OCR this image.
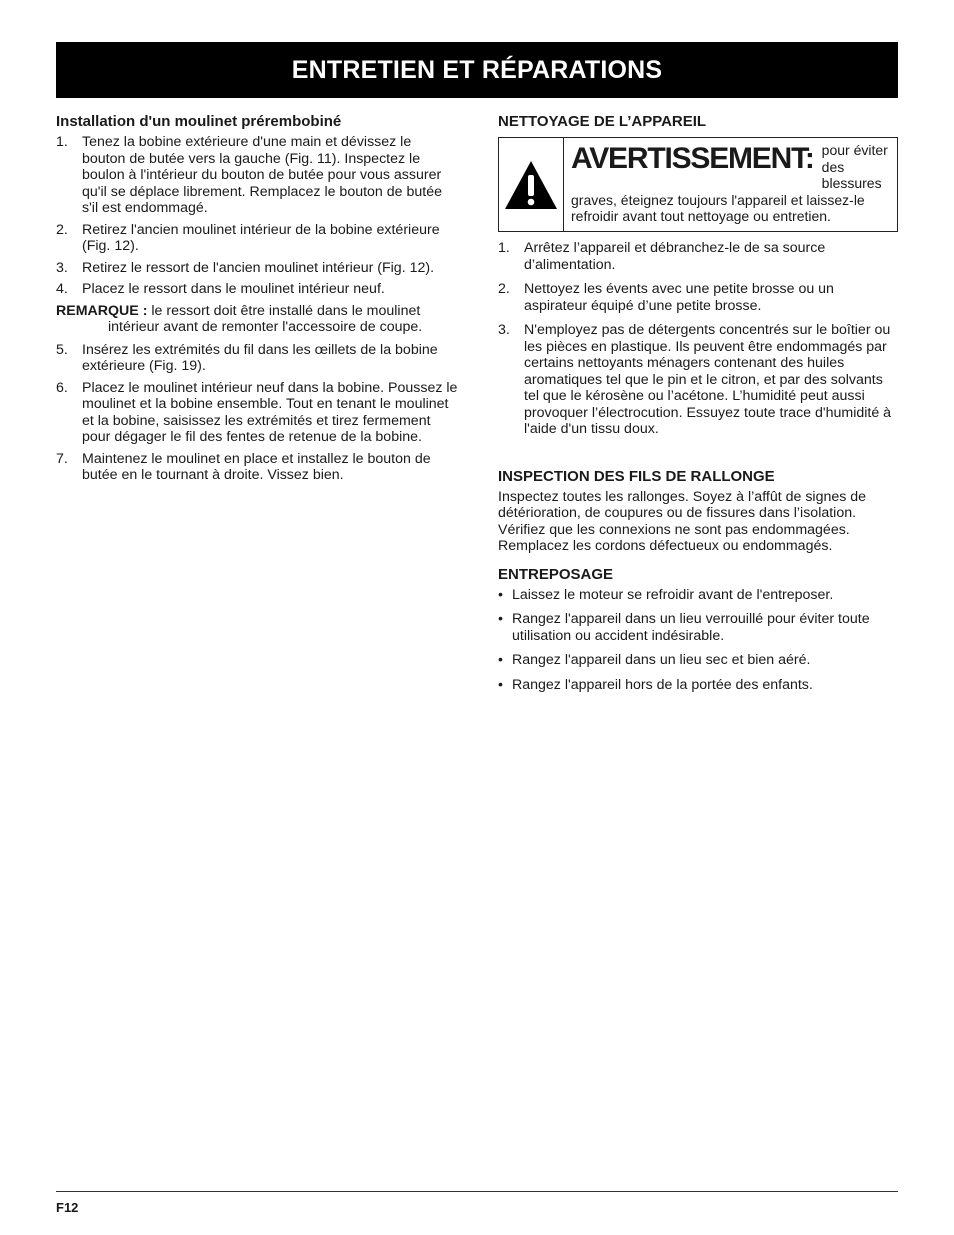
ENTRETIEN ET RÉPARATIONS
Installation d'un moulinet prérembobiné
1. Tenez la bobine extérieure d'une main et dévissez le bouton de butée vers la gauche (Fig. 11). Inspectez le boulon à l'intérieur du bouton de butée pour vous assurer qu'il se déplace librement. Remplacez le bouton de butée s'il est endommagé.
2. Retirez l'ancien moulinet intérieur de la bobine extérieure (Fig. 12).
3. Retirez le ressort de l'ancien moulinet intérieur (Fig. 12).
4. Placez le ressort dans le moulinet intérieur neuf.
REMARQUE : le ressort doit être installé dans le moulinet intérieur avant de remonter l'accessoire de coupe.
5. Insérez les extrémités du fil dans les œillets de la bobine extérieure (Fig. 19).
6. Placez le moulinet intérieur neuf dans la bobine. Poussez le moulinet et la bobine ensemble. Tout en tenant le moulinet et la bobine, saisissez les extrémités et tirez fermement pour dégager le fil des fentes de retenue de la bobine.
7. Maintenez le moulinet en place et installez le bouton de butée en le tournant à droite. Vissez bien.
NETTOYAGE DE L’APPAREIL
AVERTISSEMENT: pour éviter des blessures graves, éteignez toujours l'appareil et laissez-le refroidir avant tout nettoyage ou entretien.
1. Arrêtez l’appareil et débranchez-le de sa source d’alimentation.
2. Nettoyez les évents avec une petite brosse ou un aspirateur équipé d’une petite brosse.
3. N'employez pas de détergents concentrés sur le boîtier ou les pièces en plastique. Ils peuvent être endommagés par certains nettoyants ménagers contenant des huiles aromatiques tel que le pin et le citron, et par des solvants tel que le kérosène ou l’acétone. L’humidité peut aussi provoquer l’électrocution. Essuyez toute trace d'humidité à l'aide d'un tissu doux.
INSPECTION DES FILS DE RALLONGE

Inspectez toutes les rallonges. Soyez à l’affût de signes de détérioration, de coupures ou de fissures dans l’isolation. Vérifiez que les connexions ne sont pas endommagées. Remplacez les cordons défectueux ou endommagés.

ENTREPOSAGE
• Laissez le moteur se refroidir avant de l'entreposer.
• Rangez l'appareil dans un lieu verrouillé pour éviter toute utilisation ou accident indésirable.
• Rangez l'appareil dans un lieu sec et bien aéré.
• Rangez l'appareil hors de la portée des enfants.
F12
